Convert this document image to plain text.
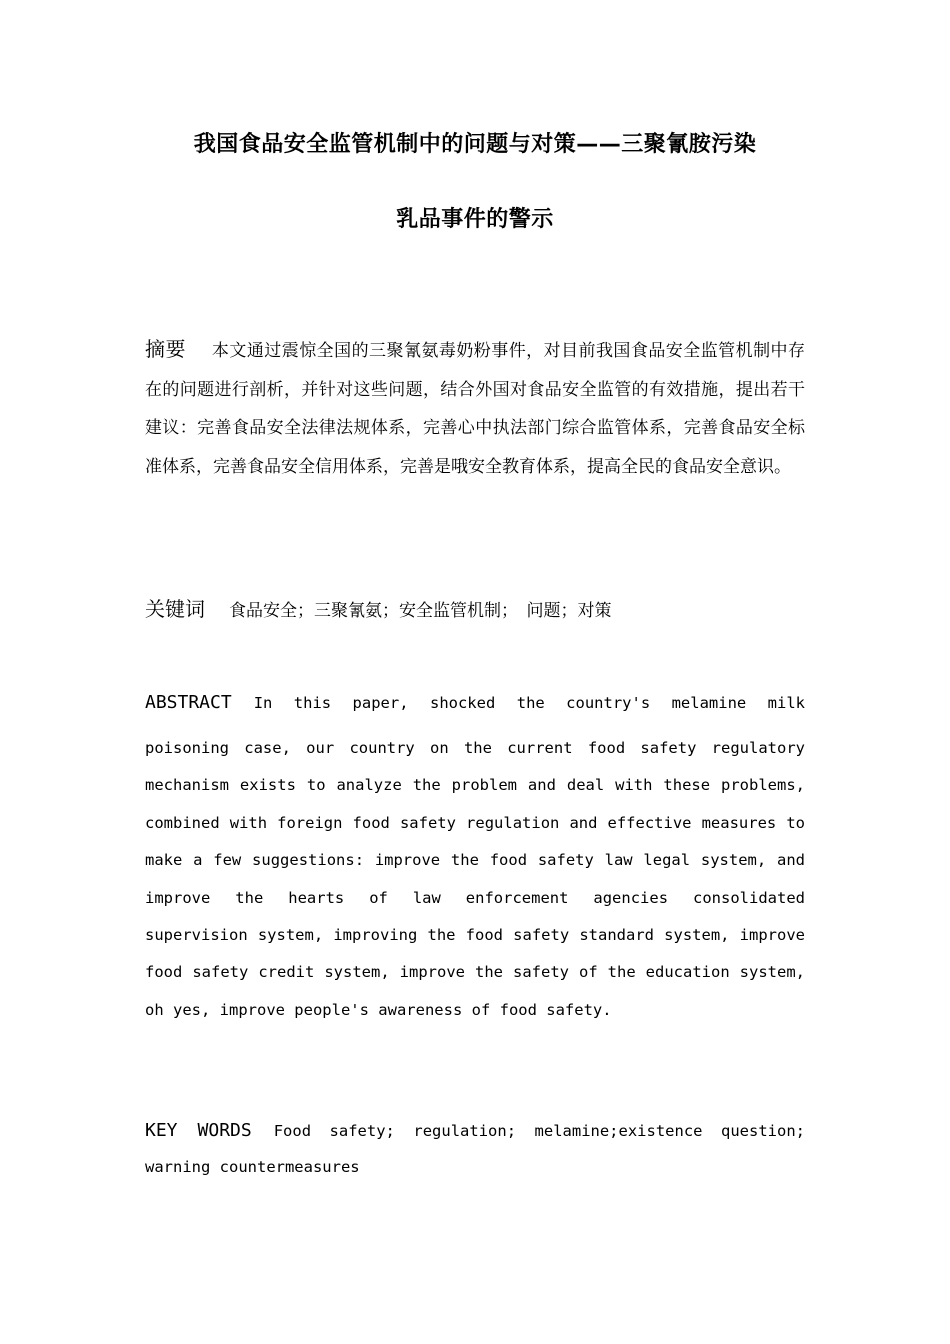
我国食品安全监管机制中的问题与对策——三聚氰胺污染
乳品事件的警示

摘要 本文通过震惊全国的三聚氰氨毒奶粉事件，对目前我国食品安全监管机制中存在的问题进行剖析，并针对这些问题，结合外国对食品安全监管的有效措施，提出若干建议：完善食品安全法律法规体系，完善心中执法部门综合监管体系，完善食品安全标准体系，完善食品安全信用体系，完善是哦安全教育体系，提高全民的食品安全意识。

关键词 食品安全；三聚氰氨；安全监管机制；　问题；对策

ABSTRACT In this paper, shocked the country's melamine milk

poisoning case, our country on the current food safety regulatory mechanism exists to analyze the problem and deal with these problems, combined with foreign food safety regulation and effective measures to make a few suggestions: improve the food safety law legal system, and improve the hearts of law enforcement agencies consolidated supervision system, improving the food safety standard system, improve food safety credit system, improve the safety of the education system, oh yes, improve people's awareness of food safety.

KEY WORDS Food safety; regulation; melamine;existence question; warning countermeasures
